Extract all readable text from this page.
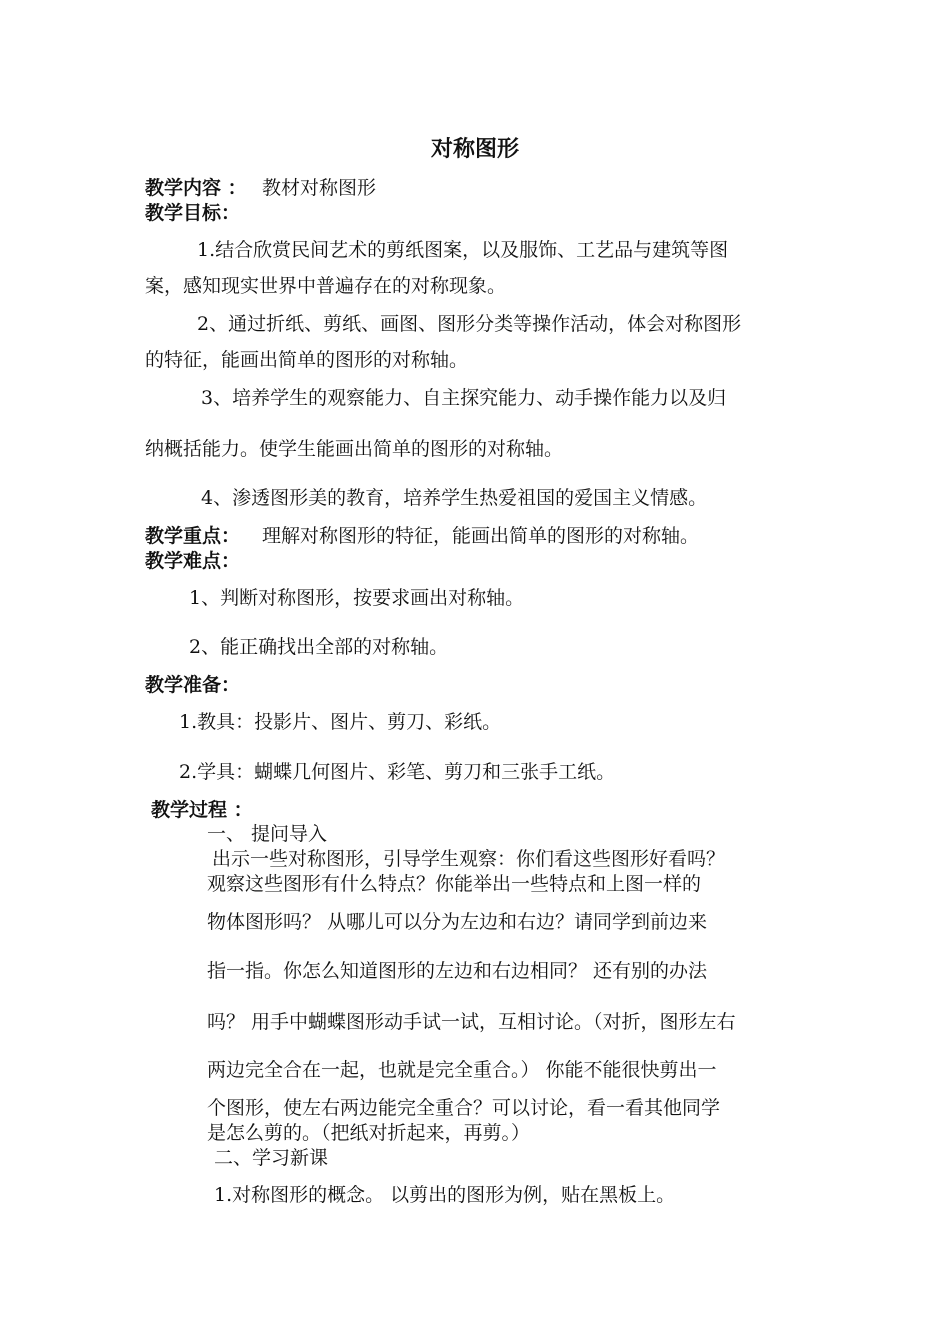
对称图形
教学内容 ： 教材对称图形
教学目标：
1.结合欣赏民间艺术的剪纸图案，以及服饰、工艺品与建筑等图
案，感知现实世界中普遍存在的对称现象。
2、通过折纸、剪纸、画图、图形分类等操作活动，体会对称图形
的特征，能画出简单的图形的对称轴。
3、培养学生的观察能力、自主探究能力、动手操作能力以及归
纳概括能力。使学生能画出简单的图形的对称轴。
4、渗透图形美的教育，培养学生热爱祖国的爱国主义情感。
教学重点： 理解对称图形的特征，能画出简单的图形的对称轴。
教学难点：
1、判断对称图形，按要求画出对称轴。
2、能正确找出全部的对称轴。
教学准备：
1.教具：投影片、图片、剪刀、彩纸。
2.学具：蝴蝶几何图片、彩笔、剪刀和三张手工纸。
教学过程 ：
一、 提问导入
出示一些对称图形，引导学生观察：你们看这些图形好看吗？
观察这些图形有什么特点？你能举出一些特点和上图一样的
物体图形吗？ 从哪儿可以分为左边和右边？请同学到前边来
指一指。你怎么知道图形的左边和右边相同？ 还有别的办法
吗？ 用手中蝴蝶图形动手试一试，互相讨论。（对折，图形左右
两边完全合在一起，也就是完全重合。） 你能不能很快剪出一
个图形，使左右两边能完全重合？可以讨论，看一看其他同学
是怎么剪的。（把纸对折起来，再剪。）
二、学习新课
1.对称图形的概念。 以剪出的图形为例，贴在黑板上。
